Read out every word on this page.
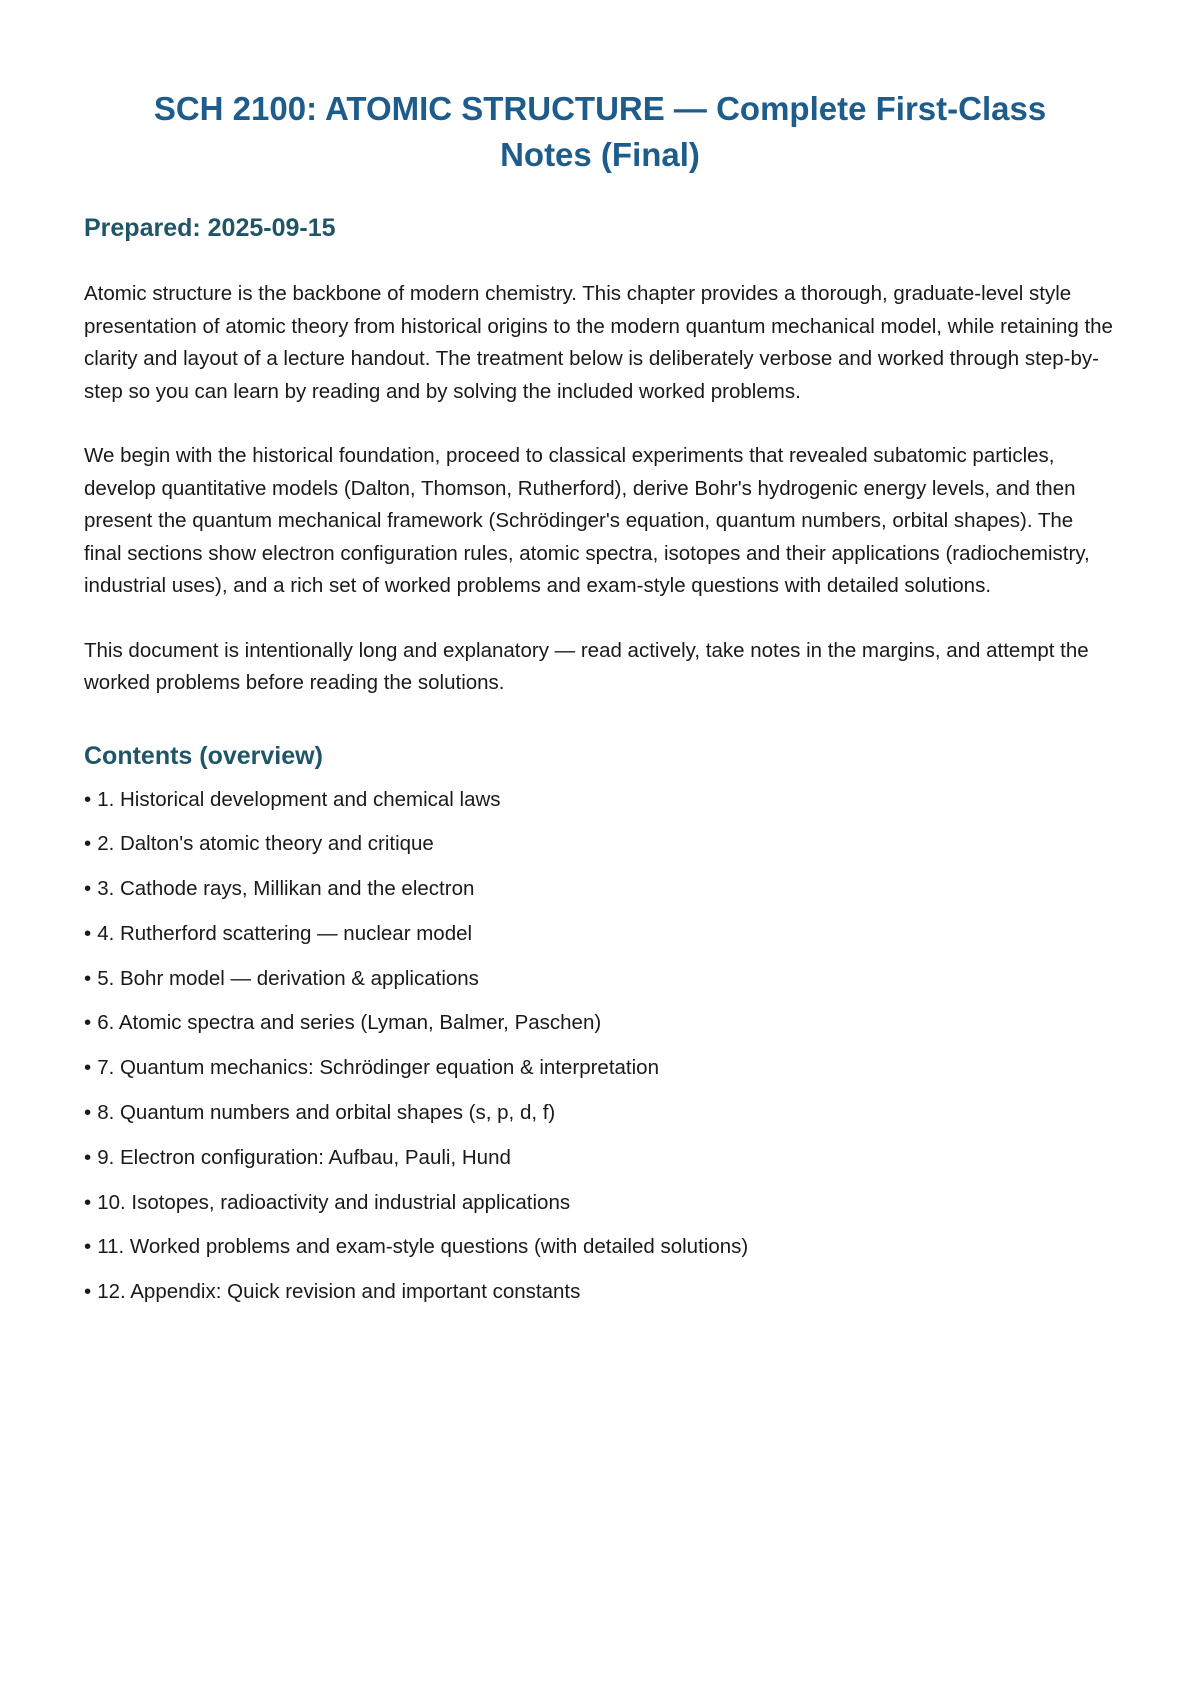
SCH 2100: ATOMIC STRUCTURE — Complete First-Class Notes (Final)
Prepared: 2025-09-15

Atomic structure is the backbone of modern chemistry. This chapter provides a thorough, graduate-level style presentation of atomic theory from historical origins to the modern quantum mechanical model, while retaining the clarity and layout of a lecture handout. The treatment below is deliberately verbose and worked through step-by-step so you can learn by reading and by solving the included worked problems.

We begin with the historical foundation, proceed to classical experiments that revealed subatomic particles, develop quantitative models (Dalton, Thomson, Rutherford), derive Bohr's hydrogenic energy levels, and then present the quantum mechanical framework (Schrödinger's equation, quantum numbers, orbital shapes). The final sections show electron configuration rules, atomic spectra, isotopes and their applications (radiochemistry, industrial uses), and a rich set of worked problems and exam-style questions with detailed solutions.

This document is intentionally long and explanatory — read actively, take notes in the margins, and attempt the worked problems before reading the solutions.

Contents (overview)
• 1. Historical development and chemical laws
• 2. Dalton's atomic theory and critique
• 3. Cathode rays, Millikan and the electron
• 4. Rutherford scattering — nuclear model
• 5. Bohr model — derivation & applications
• 6. Atomic spectra and series (Lyman, Balmer, Paschen)
• 7. Quantum mechanics: Schrödinger equation & interpretation
• 8. Quantum numbers and orbital shapes (s, p, d, f)
• 9. Electron configuration: Aufbau, Pauli, Hund
• 10. Isotopes, radioactivity and industrial applications
• 11. Worked problems and exam-style questions (with detailed solutions)
• 12. Appendix: Quick revision and important constants
